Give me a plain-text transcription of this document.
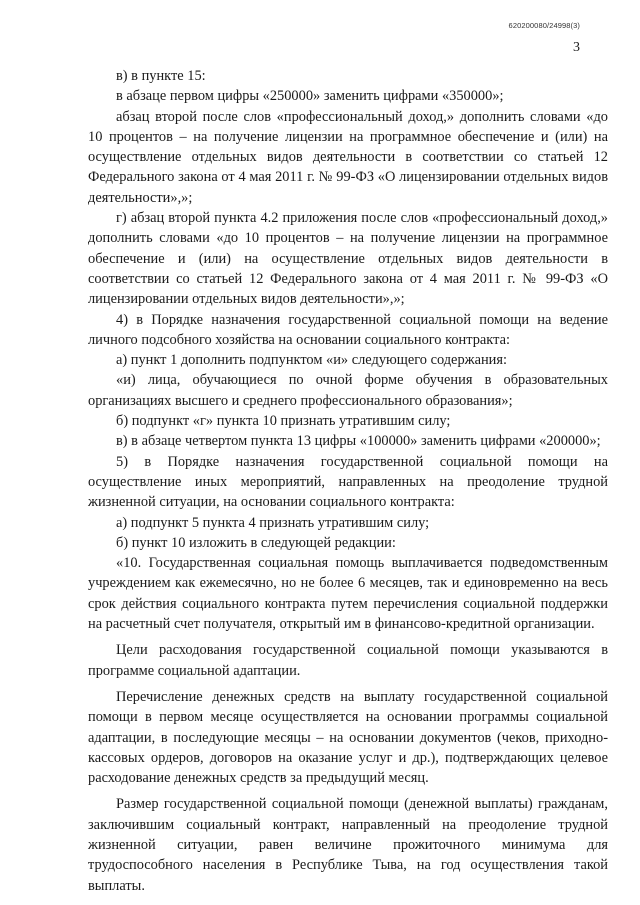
620200080/24998(3)
3

в) в пункте 15:

в абзаце первом цифры «250000» заменить цифрами «350000»;

абзац второй после слов «профессиональный доход,» дополнить словами «до 10 процентов – на получение лицензии на программное обеспечение и (или) на осуществление отдельных видов деятельности в соответствии со статьей 12 Федерального закона от 4 мая 2011 г. № 99-ФЗ «О лицензировании отдельных видов деятельности»,»;

г) абзац второй пункта 4.2 приложения после слов «профессиональный доход,» дополнить словами «до 10 процентов – на получение лицензии на программное обеспечение и (или) на осуществление отдельных видов деятельности в соответствии со статьей 12 Федерального закона от 4 мая 2011 г. № 99-ФЗ «О лицензировании отдельных видов деятельности»,»;

4) в Порядке назначения государственной социальной помощи на ведение личного подсобного хозяйства на основании социального контракта:

а) пункт 1 дополнить подпунктом «и» следующего содержания:

«и) лица, обучающиеся по очной форме обучения в образовательных организациях высшего и среднего профессионального образования»;

б) подпункт «г» пункта 10 признать утратившим силу;

в) в абзаце четвертом пункта 13 цифры «100000» заменить цифрами «200000»;

5) в Порядке назначения государственной социальной помощи на осуществление иных мероприятий, направленных на преодоление трудной жизненной ситуации, на основании социального контракта:

а) подпункт 5 пункта 4 признать утратившим силу;

б) пункт 10 изложить в следующей редакции:

«10. Государственная социальная помощь выплачивается подведомственным учреждением как ежемесячно, но не более 6 месяцев, так и единовременно на весь срок действия социального контракта путем перечисления социальной поддержки на расчетный счет получателя, открытый им в финансово-кредитной организации.

Цели расходования государственной социальной помощи указываются в программе социальной адаптации.

Перечисление денежных средств на выплату государственной социальной помощи в первом месяце осуществляется на основании программы социальной адаптации, в последующие месяцы – на основании документов (чеков, приходно-кассовых ордеров, договоров на оказание услуг и др.), подтверждающих целевое расходование денежных средств за предыдущий месяц.

Размер государственной социальной помощи (денежной выплаты) гражданам, заключившим социальный контракт, направленный на преодоление трудной жизненной ситуации, равен величине прожиточного минимума для трудоспособного населения в Республике Тыва, на год осуществления такой выплаты.
